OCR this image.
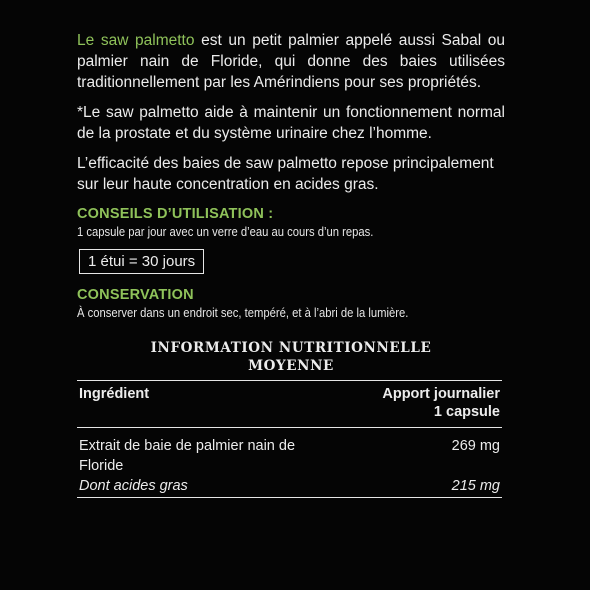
Le saw palmetto est un petit palmier appelé aussi Sabal ou palmier nain de Floride, qui donne des baies utilisées traditionnellement par les Amérindiens pour ses propriétés.

*Le saw palmetto aide à maintenir un fonctionnement normal de la prostate et du système urinaire chez l’homme.

L’efficacité des baies de saw palmetto repose principalement sur leur haute concentration en acides gras.

CONSEILS D’UTILISATION :

1 capsule par jour avec un verre d’eau au cours d’un repas.

1 étui = 30 jours
CONSERVATION

À conserver dans un endroit sec, tempéré, et à l’abri de la lumière.

INFORMATION NUTRITIONNELLE
MOYENNE
Ingrédient	Apport journalier
1 capsule

Extrait de baie de palmier nain de Floride	269 mg
Dont acides gras	215 mg
